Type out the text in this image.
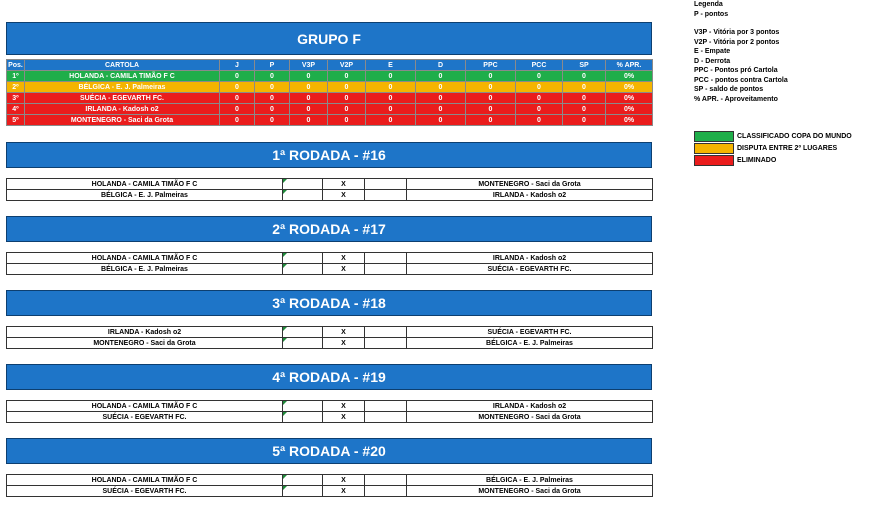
GRUPO F
Pos.	CARTOLA	J	P	V3P	V2P	E	D	PPC	PCC	SP	% APR.
1º	HOLANDA - CAMILA TIMÃO F C	0	0	0	0	0	0	0	0	0	0%
2º	BÉLGICA - E. J. Palmeiras	0	0	0	0	0	0	0	0	0	0%
3º	SUÉCIA - EGEVARTH FC.	0	0	0	0	0	0	0	0	0	0%
4º	IRLANDA - Kadosh o2	0	0	0	0	0	0	0	0	0	0%
5º	MONTENEGRO - Saci da Grota	0	0	0	0	0	0	0	0	0	0%
1ª RODADA - #16
HOLANDA - CAMILA TIMÃO F C		X		MONTENEGRO - Saci da Grota
BÉLGICA - E. J. Palmeiras		X		IRLANDA - Kadosh o2
2ª RODADA - #17
HOLANDA - CAMILA TIMÃO F C		X		IRLANDA - Kadosh o2
BÉLGICA - E. J. Palmeiras		X		SUÉCIA - EGEVARTH FC.
3ª RODADA - #18
IRLANDA - Kadosh o2		X		SUÉCIA - EGEVARTH FC.
MONTENEGRO - Saci da Grota		X		BÉLGICA - E. J. Palmeiras
4ª RODADA - #19
HOLANDA - CAMILA TIMÃO F C		X		IRLANDA - Kadosh o2
SUÉCIA - EGEVARTH FC.		X		MONTENEGRO - Saci da Grota
5ª RODADA - #20
HOLANDA - CAMILA TIMÃO F C		X		BÉLGICA - E. J. Palmeiras
SUÉCIA - EGEVARTH FC.		X		MONTENEGRO - Saci da Grota
Legenda
P - pontos
V3P - Vitória por 3 pontos
V2P - Vitória por 2 pontos
E - Empate
D - Derrota
PPC - Pontos pró Cartola
PCC - pontos contra Cartola
SP - saldo de pontos
% APR. - Aproveitamento
CLASSIFICADO COPA DO MUNDO
DISPUTA ENTRE 2º LUGARES
ELIMINADO
